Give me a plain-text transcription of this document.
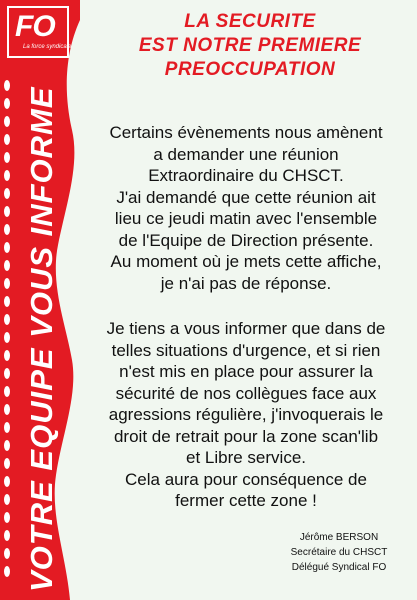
FO
La force syndicale
VOTRE EQUIPE VOUS INFORME
LA SECURITE
EST NOTRE PREMIERE
PREOCCUPATION
Certains évènements nous amènent
a demander une réunion
Extraordinaire du CHSCT.
J'ai demandé que cette réunion ait
lieu ce jeudi matin avec l'ensemble
de l'Equipe de Direction présente.
Au moment où je mets cette affiche,
je n'ai pas de réponse.
Je tiens a vous informer que dans de
telles situations d'urgence, et si rien
n'est mis en place pour assurer la
sécurité de nos collègues face aux
agressions régulière, j'invoquerais le
droit de retrait pour la zone scan'lib
et Libre service.
Cela aura pour conséquence de
fermer cette zone !
Jérôme BERSON
Secrétaire du CHSCT
Délégué Syndical FO
